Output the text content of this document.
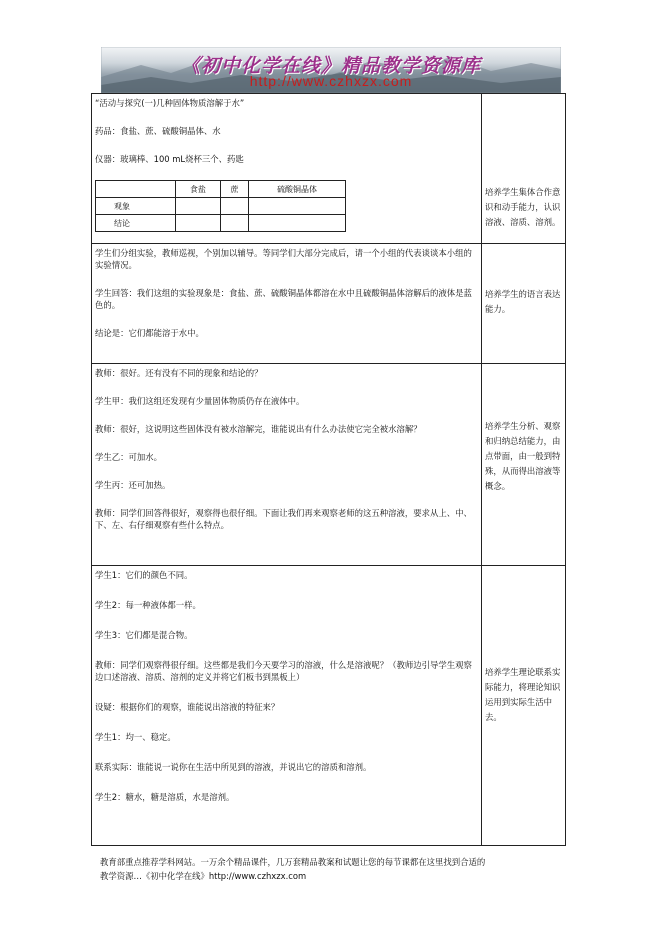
《初中化学在线》精品教学资源库
http://www.czhxzx.com

“活动与探究(一)几种固体物质溶解于水”

药品：食盐、蔗、硫酸铜晶体、水

仪器：玻璃棒、100 mL烧杯三个、药匙

	食盐	蔗	硫酸铜晶体
观象			
结论			
培养学生集体合作意识和动手能力，认识溶液、溶质、溶剂。

学生们分组实验，教师巡视，个别加以辅导。等同学们大部分完成后，请一个小组的代表谈谈本小组的实验情况。

学生回答：我们这组的实验现象是：食盐、蔗、硫酸铜晶体都溶在水中且硫酸铜晶体溶解后的液体是蓝色的。

结论是：它们都能溶于水中。

培养学生的语言表达能力。

教师：很好。还有没有不同的现象和结论的？

学生甲：我们这组还发现有少量固体物质仍存在液体中。

教师：很好，这说明这些固体没有被水溶解完，谁能说出有什么办法使它完全被水溶解？

学生乙：可加水。

学生丙：还可加热。

教师：同学们回答得很好，观察得也很仔细。下面让我们再来观察老师的这五种溶液，要求从上、中、下、左、右仔细观察有些什么特点。

培养学生分析、观察和归纳总结能力，由点带面，由一般到特殊，从而得出溶液等概念。

学生1：它们的颜色不同。

学生2：每一种液体都一样。

学生3：它们都是混合物。

教师：同学们观察得很仔细。这些都是我们今天要学习的溶液，什么是溶液呢？（教师边引导学生观察边口述溶液、溶质、溶剂的定义并将它们板书到黑板上）

设疑：根据你们的观察，谁能说出溶液的特征来？

学生1：均一、稳定。

联系实际：谁能说一说你在生活中所见到的溶液，并说出它的溶质和溶剂。

学生2：糖水，糖是溶质，水是溶剂。

培养学生理论联系实际能力，将理论知识运用到实际生活中去。
教育部重点推荐学科网站。一万余个精品课件，几万套精品教案和试题让您的每节课都在这里找到合适的
教学资源…《初中化学在线》http://www.czhxzx.com
